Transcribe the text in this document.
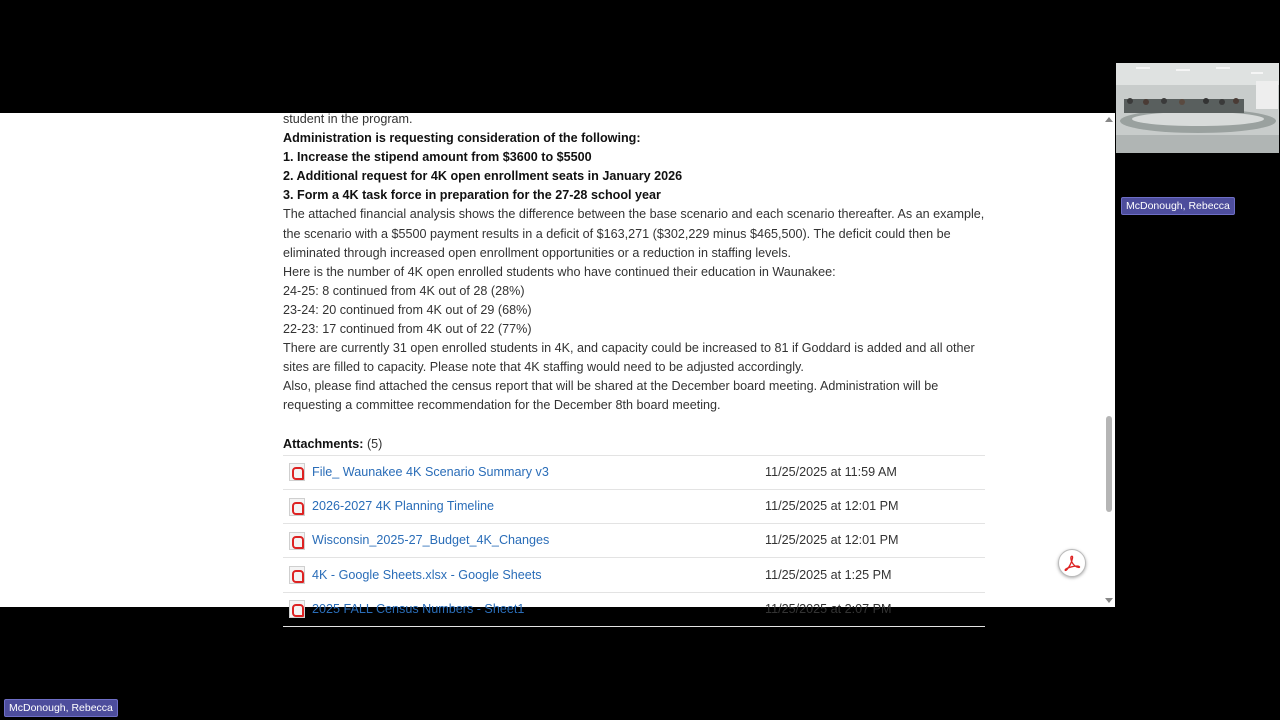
student in the program.

Administration is requesting consideration of the following:

1. Increase the stipend amount from $3600 to $5500

2. Additional request for 4K open enrollment seats in January 2026

3. Form a 4K task force in preparation for the 27-28 school year

The attached financial analysis shows the difference between the base scenario and each scenario thereafter. As an example, the scenario with a $5500 payment results in a deficit of $163,271 ($302,229 minus $465,500). The deficit could then be eliminated through increased open enrollment opportunities or a reduction in staffing levels.

Here is the number of 4K open enrolled students who have continued their education in Waunakee:

24-25: 8 continued from 4K out of 28 (28%)

23-24: 20 continued from 4K out of 29 (68%)

22-23: 17 continued from 4K out of 22 (77%)

There are currently 31 open enrolled students in 4K, and capacity could be increased to 81 if Goddard is added and all other sites are filled to capacity. Please note that 4K staffing would need to be adjusted accordingly.

Also, please find attached the census report that will be shared at the December board meeting. Administration will be requesting a committee recommendation for the December 8th board meeting.

Attachments: (5)
File_ Waunakee 4K Scenario Summary v3	11/25/2025 at 11:59 AM
2026-2027 4K Planning Timeline	11/25/2025 at 12:01 PM
Wisconsin_2025-27_Budget_4K_Changes	11/25/2025 at 12:01 PM
4K - Google Sheets.xlsx - Google Sheets	11/25/2025 at 1:25 PM
2025 FALL Census Numbers - Sheet1	11/25/2025 at 2:07 PM
McDonough, Rebecca
McDonough, Rebecca
